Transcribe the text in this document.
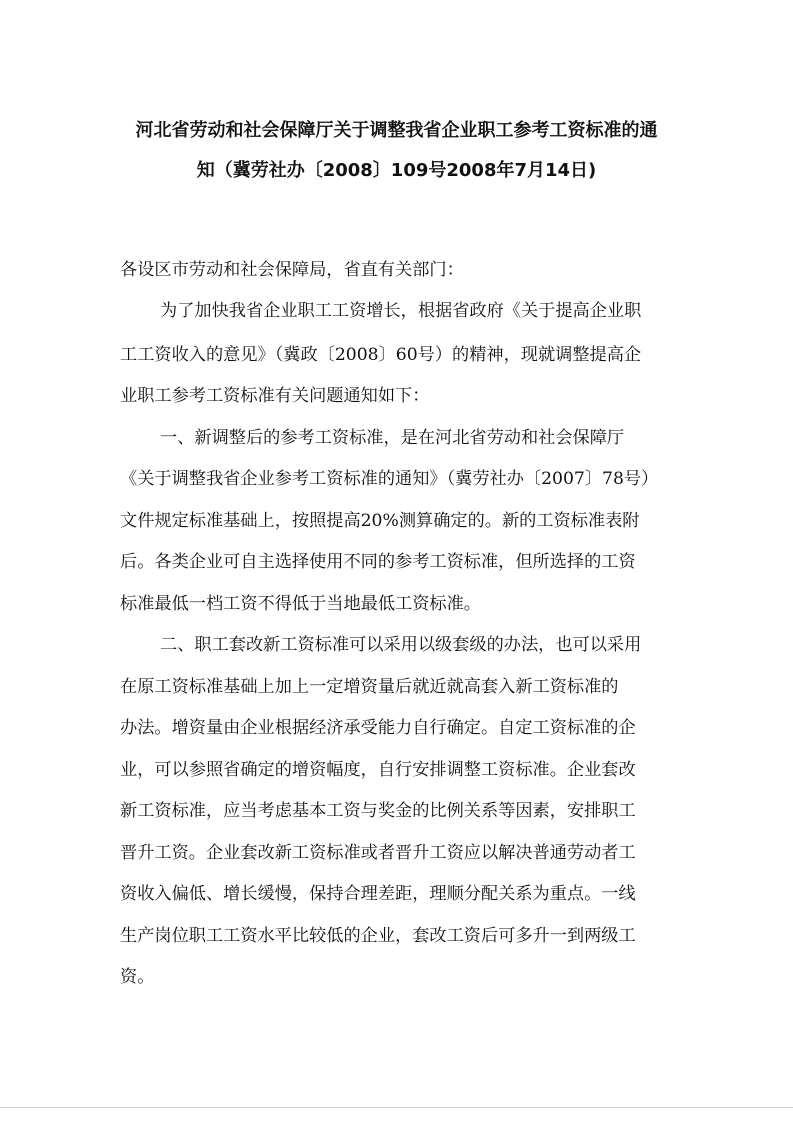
河北省劳动和社会保障厅关于调整我省企业职工参考工资标准的通
知（冀劳社办〔2008〕109号2008年7月14日)
各设区市劳动和社会保障局，省直有关部门：
为了加快我省企业职工工资增长，根据省政府《关于提高企业职
工工资收入的意见》（冀政〔2008〕60号）的精神，现就调整提高企
业职工参考工资标准有关问题通知如下：
一、新调整后的参考工资标准，是在河北省劳动和社会保障厅
《关于调整我省企业参考工资标准的通知》（冀劳社办〔2007〕78号）
文件规定标准基础上，按照提高20%测算确定的。新的工资标准表附
后。各类企业可自主选择使用不同的参考工资标准，但所选择的工资
标准最低一档工资不得低于当地最低工资标准。
二、职工套改新工资标准可以采用以级套级的办法，也可以采用
在原工资标准基础上加上一定增资量后就近就高套入新工资标准的
办法。增资量由企业根据经济承受能力自行确定。自定工资标准的企
业，可以参照省确定的增资幅度，自行安排调整工资标准。企业套改
新工资标准，应当考虑基本工资与奖金的比例关系等因素，安排职工
晋升工资。企业套改新工资标准或者晋升工资应以解决普通劳动者工
资收入偏低、增长缓慢，保持合理差距，理顺分配关系为重点。一线
生产岗位职工工资水平比较低的企业，套改工资后可多升一到两级工
资。
